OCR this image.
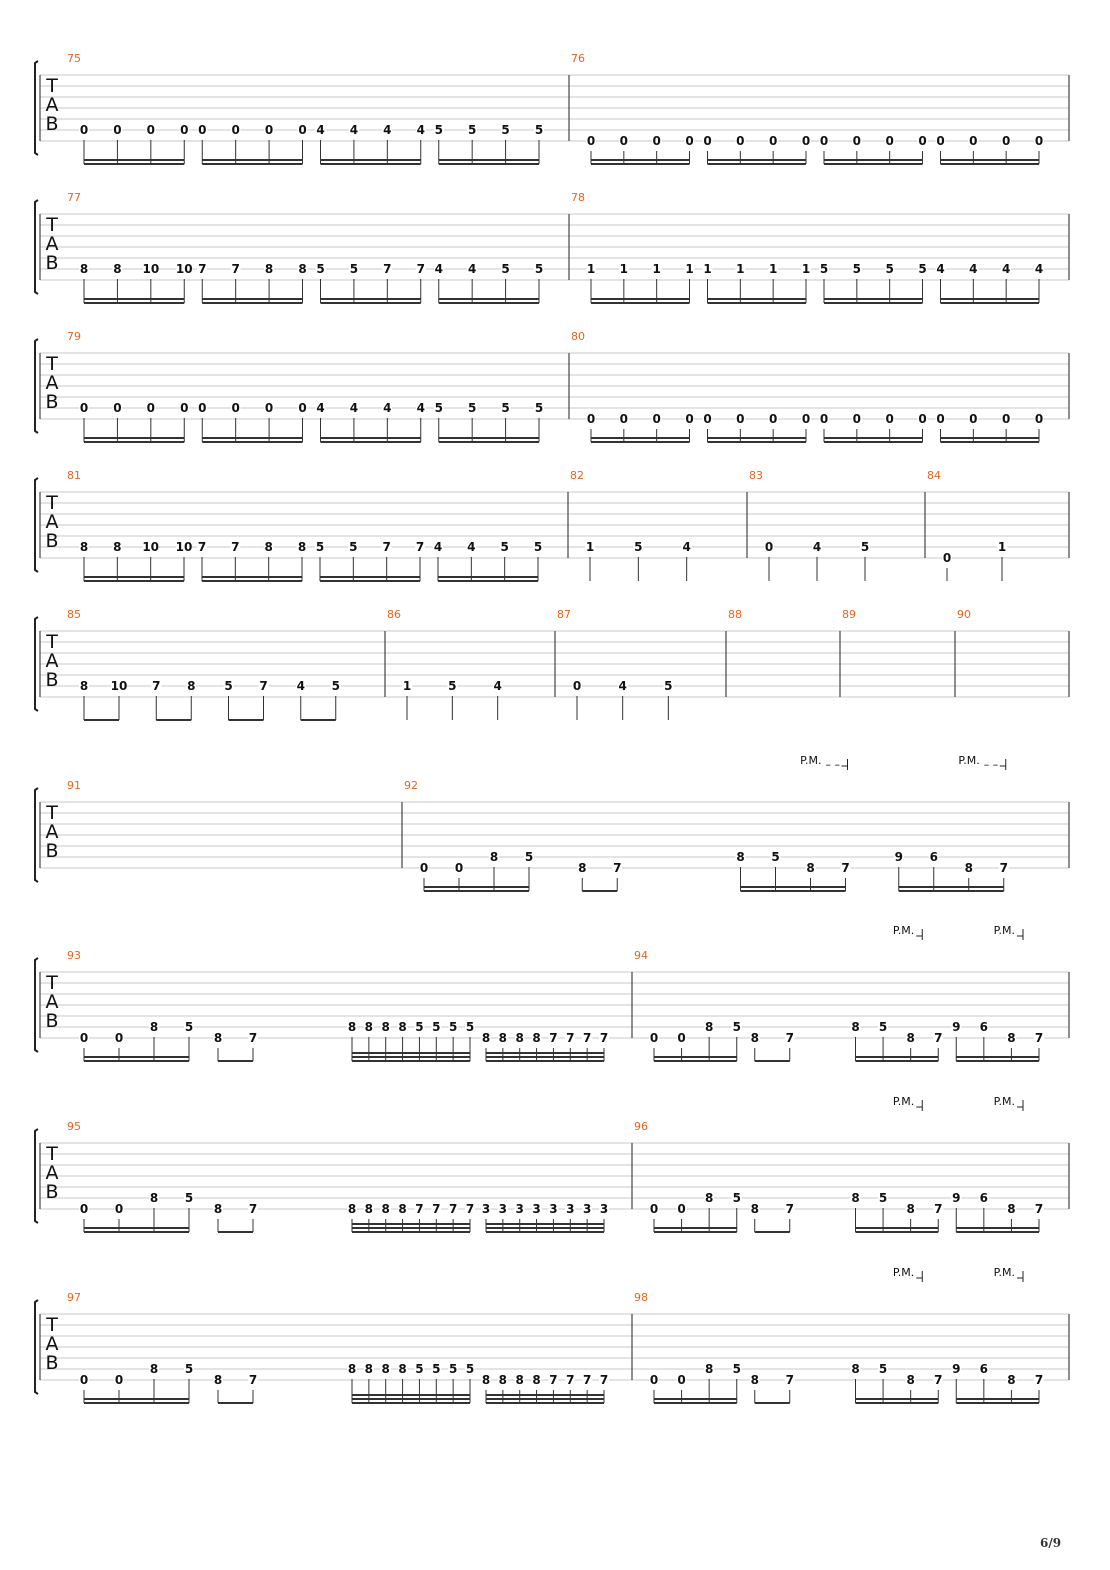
T
A
B
75
0 0 0 0 0 0 0 0 4 4 4 4 5 5 5 5
76
0 0 0 0 0 0 0 0 0 0 0 0 0 0 0 0
T
A
B
77
8 8 10 10 7 7 8 8 5 5 7 7 4 4 5 5
78
1 1 1 1 1 1 1 1 5 5 5 5 4 4 4 4
T
A
B
79
0 0 0 0 0 0 0 0 4 4 4 4 5 5 5 5
80
0 0 0 0 0 0 0 0 0 0 0 0 0 0 0 0
T
A
B
81
8 8 10 10 7 7 8 8 5 5 7 7 4 4 5 5
82
1	5	4
83
0	4	5
84
0
1
T
A
B
85
8 10 7 8 5 7 4 5
86
1	5	4
87
0	4	5
88	89	90
T
A
B
91	92
0 0
8 5
8 7
8 5
8 7
P.M. – –
9 6
8 7
P.M. – –
T
A
B
93
0 0
8 5
8 7
8 8 8 8 5 5 5 5
8 8 8 8 7 7 7 7
94
0 0
8 5
8 7
8 5
8 7
P.M.
9 6
8 7
P.M.
T
A
B
95
0 0
8 5
8 7	8 8 8 8 7 7 7 7 3 3 3 3 3 3 3 3
96
0 0
8 5
8 7
8 5
8 7
P.M.
9 6
8 7
P.M.
T
A
B
97
0 0
8 5
8 7
8 8 8 8 5 5 5 5
8 8 8 8 7 7 7 7
98
0 0
8 5
8 7
8 5
8 7
P.M.
9 6
8 7
P.M.
6/9
